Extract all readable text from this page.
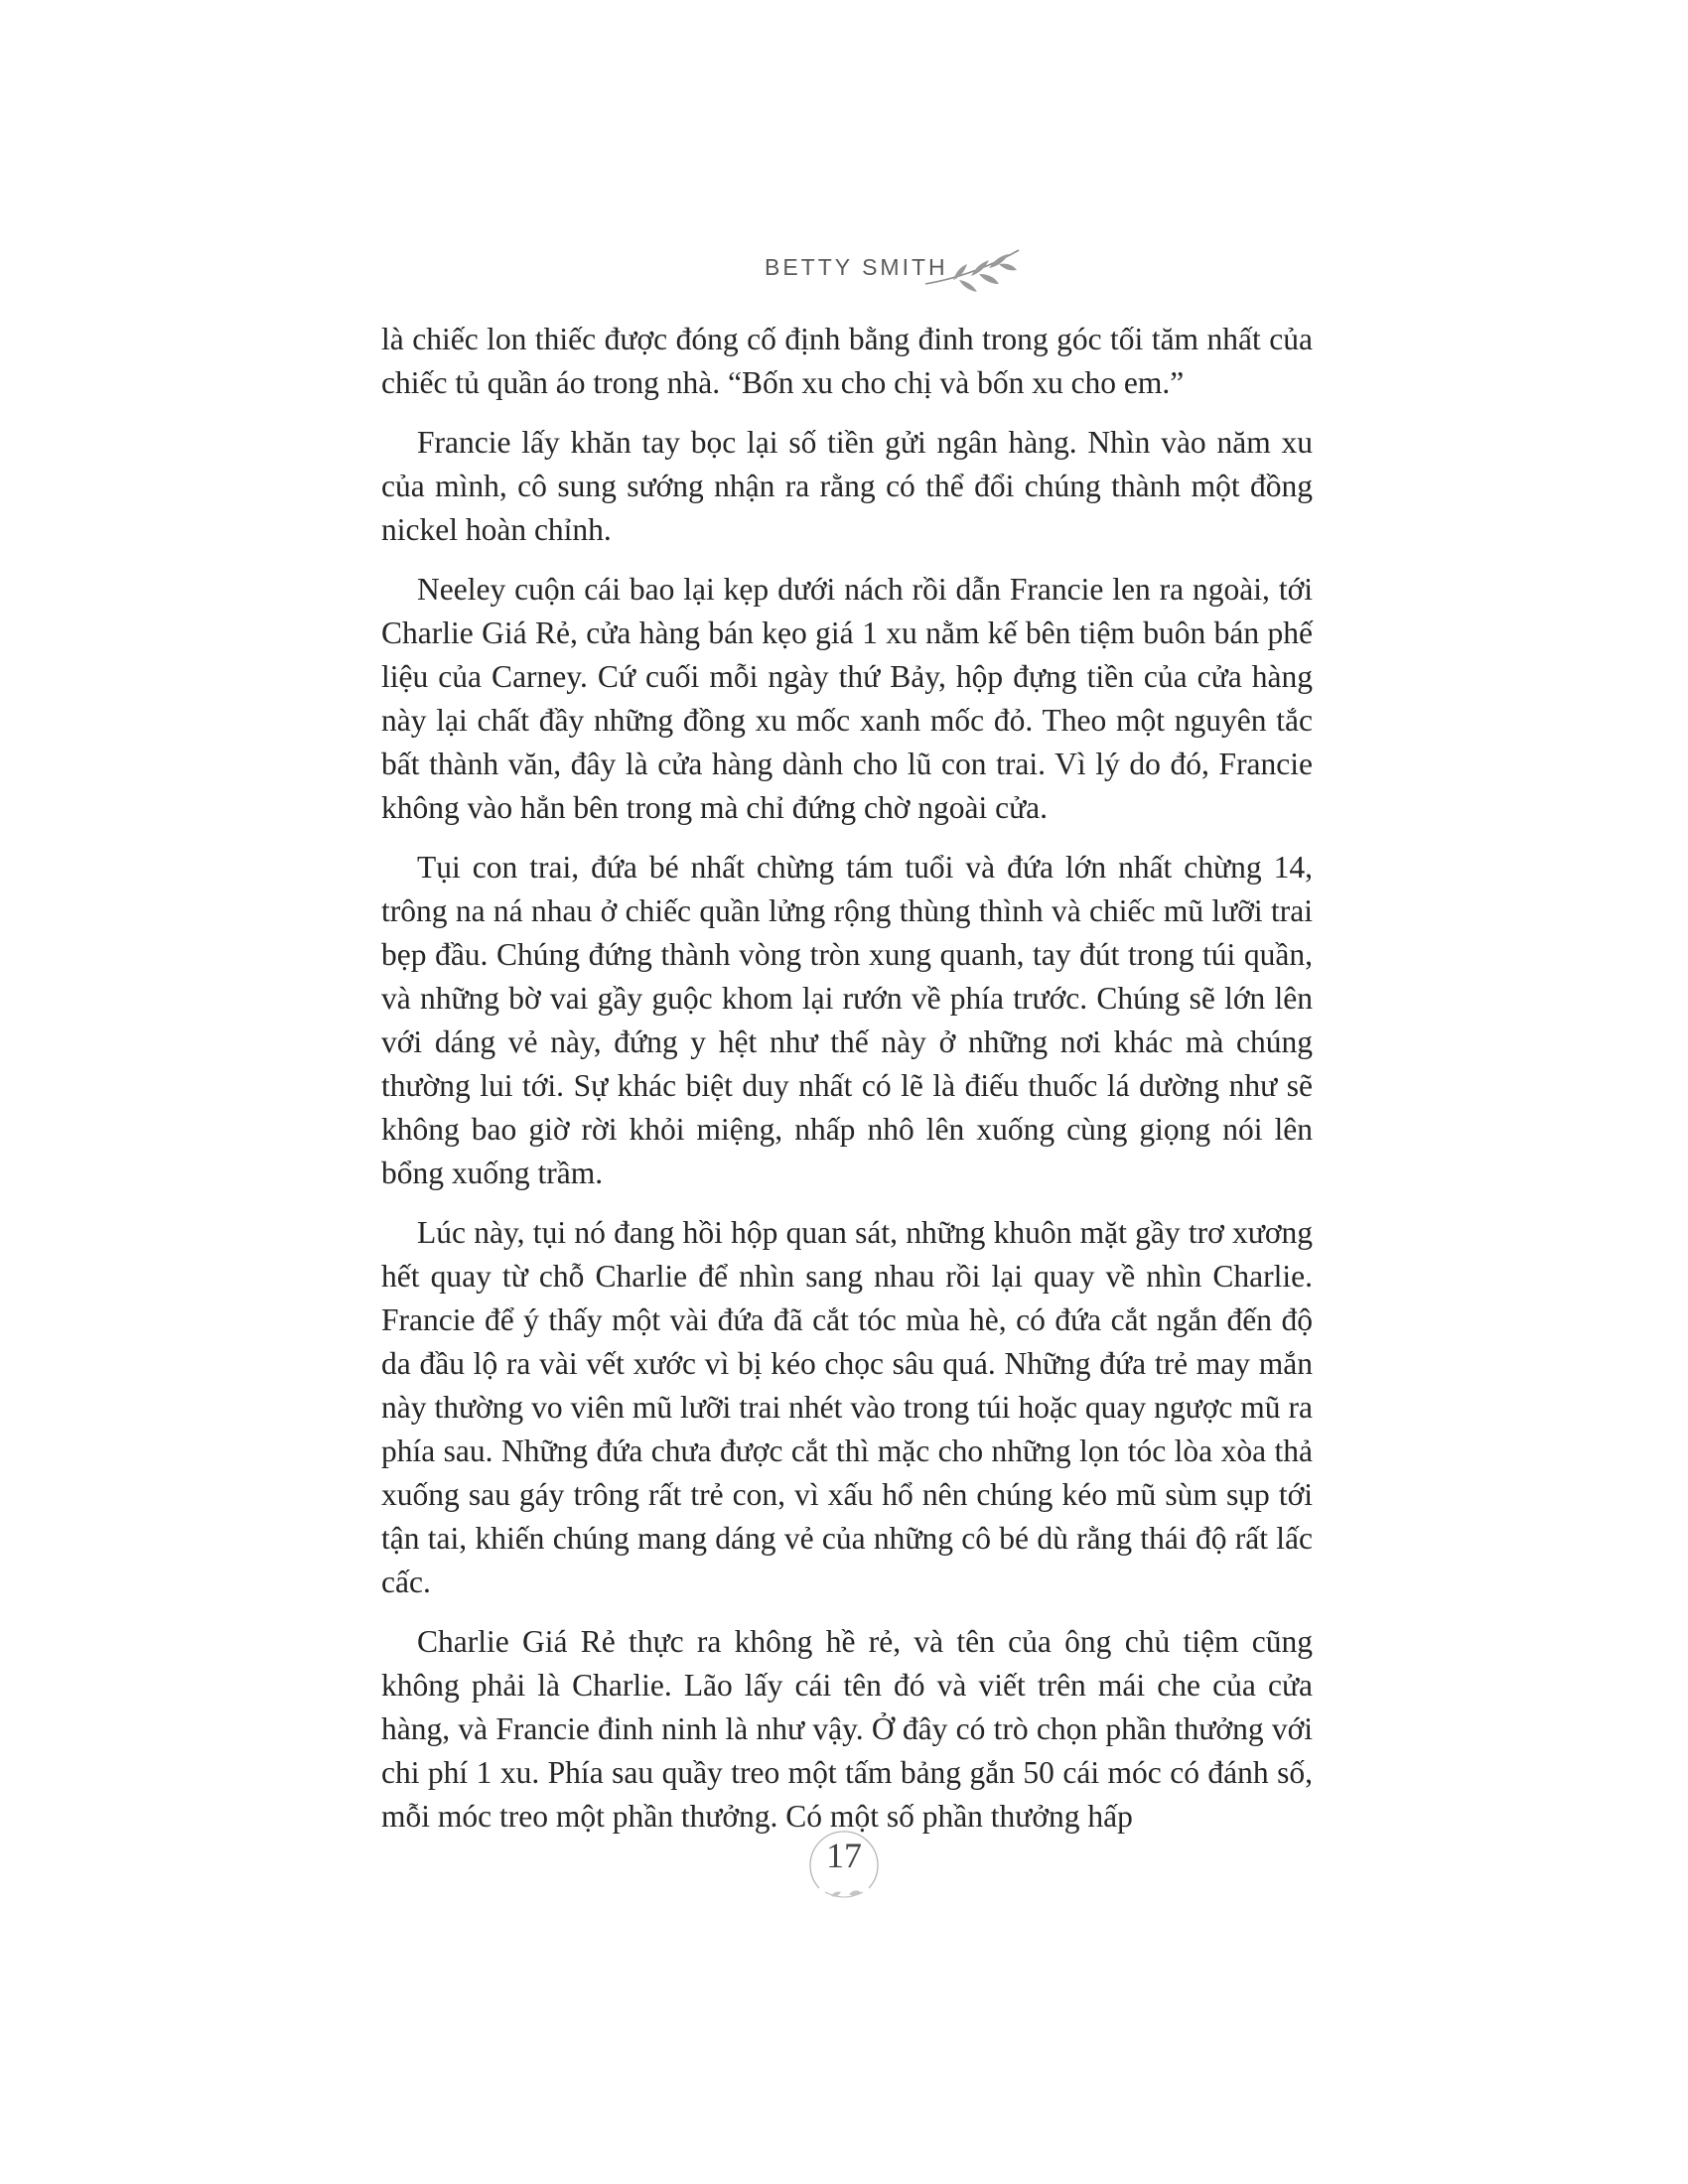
BETTY SMITH

là chiếc lon thiếc được đóng cố định bằng đinh trong góc tối tăm nhất của chiếc tủ quần áo trong nhà. “Bốn xu cho chị và bốn xu cho em.”

Francie lấy khăn tay bọc lại số tiền gửi ngân hàng. Nhìn vào năm xu của mình, cô sung sướng nhận ra rằng có thể đổi chúng thành một đồng nickel hoàn chỉnh.

Neeley cuộn cái bao lại kẹp dưới nách rồi dẫn Francie len ra ngoài, tới Charlie Giá Rẻ, cửa hàng bán kẹo giá 1 xu nằm kế bên tiệm buôn bán phế liệu của Carney. Cứ cuối mỗi ngày thứ Bảy, hộp đựng tiền của cửa hàng này lại chất đầy những đồng xu mốc xanh mốc đỏ. Theo một nguyên tắc bất thành văn, đây là cửa hàng dành cho lũ con trai. Vì lý do đó, Francie không vào hẳn bên trong mà chỉ đứng chờ ngoài cửa.

Tụi con trai, đứa bé nhất chừng tám tuổi và đứa lớn nhất chừng 14, trông na ná nhau ở chiếc quần lửng rộng thùng thình và chiếc mũ lưỡi trai bẹp đầu. Chúng đứng thành vòng tròn xung quanh, tay đút trong túi quần, và những bờ vai gầy guộc khom lại rướn về phía trước. Chúng sẽ lớn lên với dáng vẻ này, đứng y hệt như thế này ở những nơi khác mà chúng thường lui tới. Sự khác biệt duy nhất có lẽ là điếu thuốc lá dường như sẽ không bao giờ rời khỏi miệng, nhấp nhô lên xuống cùng giọng nói lên bổng xuống trầm.

Lúc này, tụi nó đang hồi hộp quan sát, những khuôn mặt gầy trơ xương hết quay từ chỗ Charlie để nhìn sang nhau rồi lại quay về nhìn Charlie. Francie để ý thấy một vài đứa đã cắt tóc mùa hè, có đứa cắt ngắn đến độ da đầu lộ ra vài vết xước vì bị kéo chọc sâu quá. Những đứa trẻ may mắn này thường vo viên mũ lưỡi trai nhét vào trong túi hoặc quay ngược mũ ra phía sau. Những đứa chưa được cắt thì mặc cho những lọn tóc lòa xòa thả xuống sau gáy trông rất trẻ con, vì xấu hổ nên chúng kéo mũ sùm sụp tới tận tai, khiến chúng mang dáng vẻ của những cô bé dù rằng thái độ rất lấc cấc.

Charlie Giá Rẻ thực ra không hề rẻ, và tên của ông chủ tiệm cũng không phải là Charlie. Lão lấy cái tên đó và viết trên mái che của cửa hàng, và Francie đinh ninh là như vậy. Ở đây có trò chọn phần thưởng với chi phí 1 xu. Phía sau quầy treo một tấm bảng gắn 50 cái móc có đánh số, mỗi móc treo một phần thưởng. Có một số phần thưởng hấp

17
